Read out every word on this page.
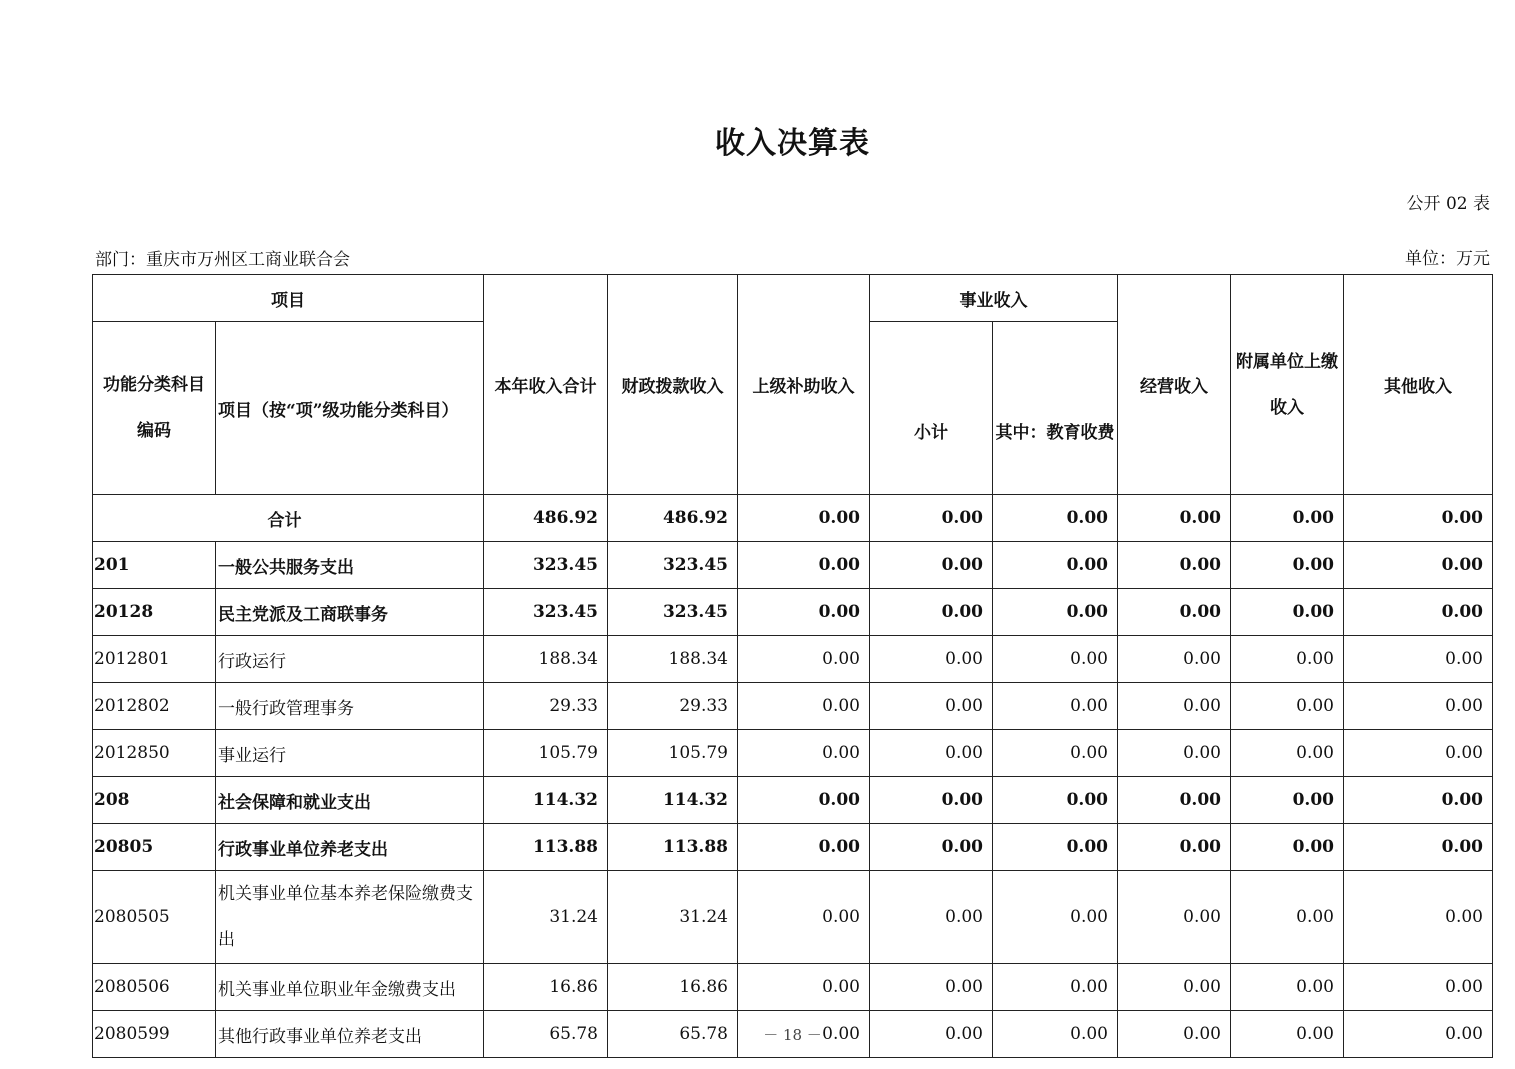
收入决算表
公开 02 表
部门：重庆市万州区工商业联合会	单位：万元
项目		本年收入合计	财政拨款收入	上级补助收入	事业收入		经营收入	附属单位上缴收入	其他收入

功能分类科目编码	项目（按“项”级功能分类科目）				小计	其中：教育收费			
合计		486.92	486.92	0.00	0.00	0.00	0.00	0.00	0.00
201	一般公共服务支出	323.45	323.45	0.00	0.00	0.00	0.00	0.00	0.00
20128	民主党派及工商联事务	323.45	323.45	0.00	0.00	0.00	0.00	0.00	0.00
2012801	行政运行	188.34	188.34	0.00	0.00	0.00	0.00	0.00	0.00
2012802	一般行政管理事务	29.33	29.33	0.00	0.00	0.00	0.00	0.00	0.00
2012850	事业运行	105.79	105.79	0.00	0.00	0.00	0.00	0.00	0.00
208	社会保障和就业支出	114.32	114.32	0.00	0.00	0.00	0.00	0.00	0.00
20805	行政事业单位养老支出	113.88	113.88	0.00	0.00	0.00	0.00	0.00	0.00
2080505	机关事业单位基本养老保险缴费支出	31.24	31.24	0.00	0.00	0.00	0.00	0.00	0.00
2080506	机关事业单位职业年金缴费支出	16.86	16.86	0.00	0.00	0.00	0.00	0.00	0.00
2080599	其他行政事业单位养老支出	65.78	65.78	0.00	0.00	0.00	0.00	0.00	0.00
－ 18 －
